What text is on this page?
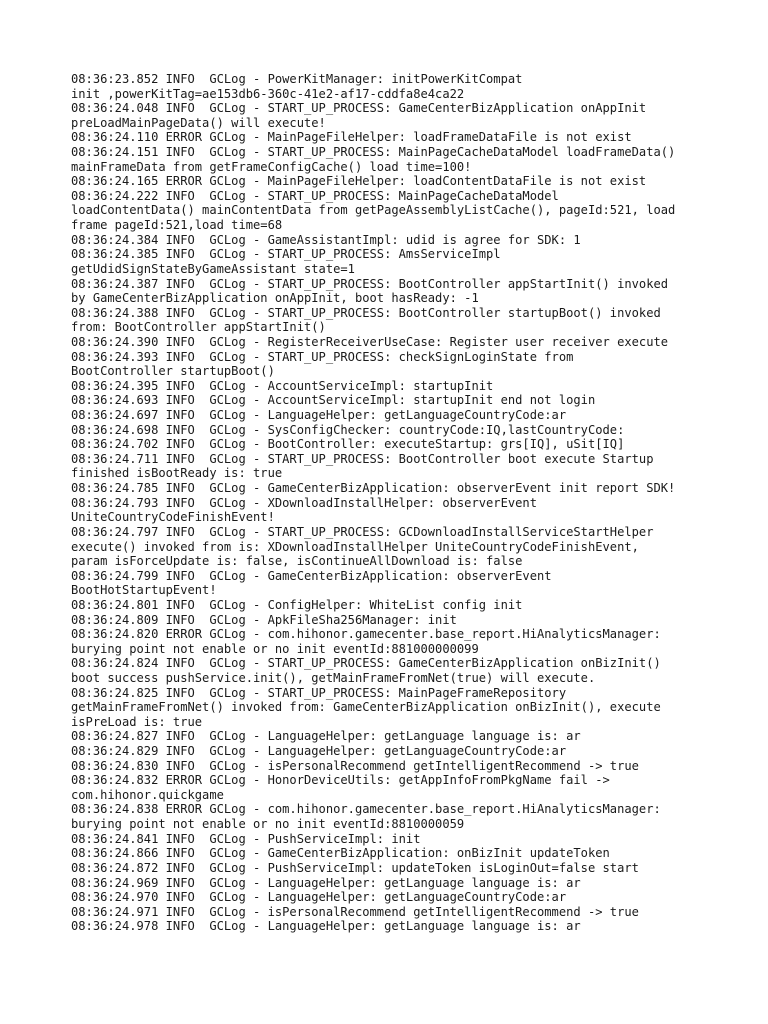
08:36:23.852 INFO  GCLog - PowerKitManager: initPowerKitCompat
init ,powerKitTag=ae153db6-360c-41e2-af17-cddfa8e4ca22
08:36:24.048 INFO  GCLog - START_UP_PROCESS: GameCenterBizApplication onAppInit
preLoadMainPageData() will execute!
08:36:24.110 ERROR GCLog - MainPageFileHelper: loadFrameDataFile is not exist
08:36:24.151 INFO  GCLog - START_UP_PROCESS: MainPageCacheDataModel loadFrameData()
mainFrameData from getFrameConfigCache() load time=100!
08:36:24.165 ERROR GCLog - MainPageFileHelper: loadContentDataFile is not exist
08:36:24.222 INFO  GCLog - START_UP_PROCESS: MainPageCacheDataModel
loadContentData() mainContentData from getPageAssemblyListCache(), pageId:521, load
frame pageId:521,load time=68
08:36:24.384 INFO  GCLog - GameAssistantImpl: udid is agree for SDK: 1
08:36:24.385 INFO  GCLog - START_UP_PROCESS: AmsServiceImpl
getUdidSignStateByGameAssistant state=1
08:36:24.387 INFO  GCLog - START_UP_PROCESS: BootController appStartInit() invoked
by GameCenterBizApplication onAppInit, boot hasReady: -1
08:36:24.388 INFO  GCLog - START_UP_PROCESS: BootController startupBoot() invoked
from: BootController appStartInit()
08:36:24.390 INFO  GCLog - RegisterReceiverUseCase: Register user receiver execute
08:36:24.393 INFO  GCLog - START_UP_PROCESS: checkSignLoginState from
BootController startupBoot()
08:36:24.395 INFO  GCLog - AccountServiceImpl: startupInit
08:36:24.693 INFO  GCLog - AccountServiceImpl: startupInit end not login
08:36:24.697 INFO  GCLog - LanguageHelper: getLanguageCountryCode:ar
08:36:24.698 INFO  GCLog - SysConfigChecker: countryCode:IQ,lastCountryCode:
08:36:24.702 INFO  GCLog - BootController: executeStartup: grs[IQ], uSit[IQ]
08:36:24.711 INFO  GCLog - START_UP_PROCESS: BootController boot execute Startup
finished isBootReady is: true
08:36:24.785 INFO  GCLog - GameCenterBizApplication: observerEvent init report SDK!
08:36:24.793 INFO  GCLog - XDownloadInstallHelper: observerEvent
UniteCountryCodeFinishEvent!
08:36:24.797 INFO  GCLog - START_UP_PROCESS: GCDownloadInstallServiceStartHelper
execute() invoked from is: XDownloadInstallHelper UniteCountryCodeFinishEvent,
param isForceUpdate is: false, isContinueAllDownload is: false
08:36:24.799 INFO  GCLog - GameCenterBizApplication: observerEvent
BootHotStartupEvent!
08:36:24.801 INFO  GCLog - ConfigHelper: WhiteList config init
08:36:24.809 INFO  GCLog - ApkFileSha256Manager: init
08:36:24.820 ERROR GCLog - com.hihonor.gamecenter.base_report.HiAnalyticsManager:
burying point not enable or no init eventId:881000000099
08:36:24.824 INFO  GCLog - START_UP_PROCESS: GameCenterBizApplication onBizInit()
boot success pushService.init(), getMainFrameFromNet(true) will execute.
08:36:24.825 INFO  GCLog - START_UP_PROCESS: MainPageFrameRepository
getMainFrameFromNet() invoked from: GameCenterBizApplication onBizInit(), execute
isPreLoad is: true
08:36:24.827 INFO  GCLog - LanguageHelper: getLanguage language is: ar
08:36:24.829 INFO  GCLog - LanguageHelper: getLanguageCountryCode:ar
08:36:24.830 INFO  GCLog - isPersonalRecommend getIntelligentRecommend -> true
08:36:24.832 ERROR GCLog - HonorDeviceUtils: getAppInfoFromPkgName fail ->
com.hihonor.quickgame
08:36:24.838 ERROR GCLog - com.hihonor.gamecenter.base_report.HiAnalyticsManager:
burying point not enable or no init eventId:8810000059
08:36:24.841 INFO  GCLog - PushServiceImpl: init
08:36:24.866 INFO  GCLog - GameCenterBizApplication: onBizInit updateToken
08:36:24.872 INFO  GCLog - PushServiceImpl: updateToken isLoginOut=false start
08:36:24.969 INFO  GCLog - LanguageHelper: getLanguage language is: ar
08:36:24.970 INFO  GCLog - LanguageHelper: getLanguageCountryCode:ar
08:36:24.971 INFO  GCLog - isPersonalRecommend getIntelligentRecommend -> true
08:36:24.978 INFO  GCLog - LanguageHelper: getLanguage language is: ar
